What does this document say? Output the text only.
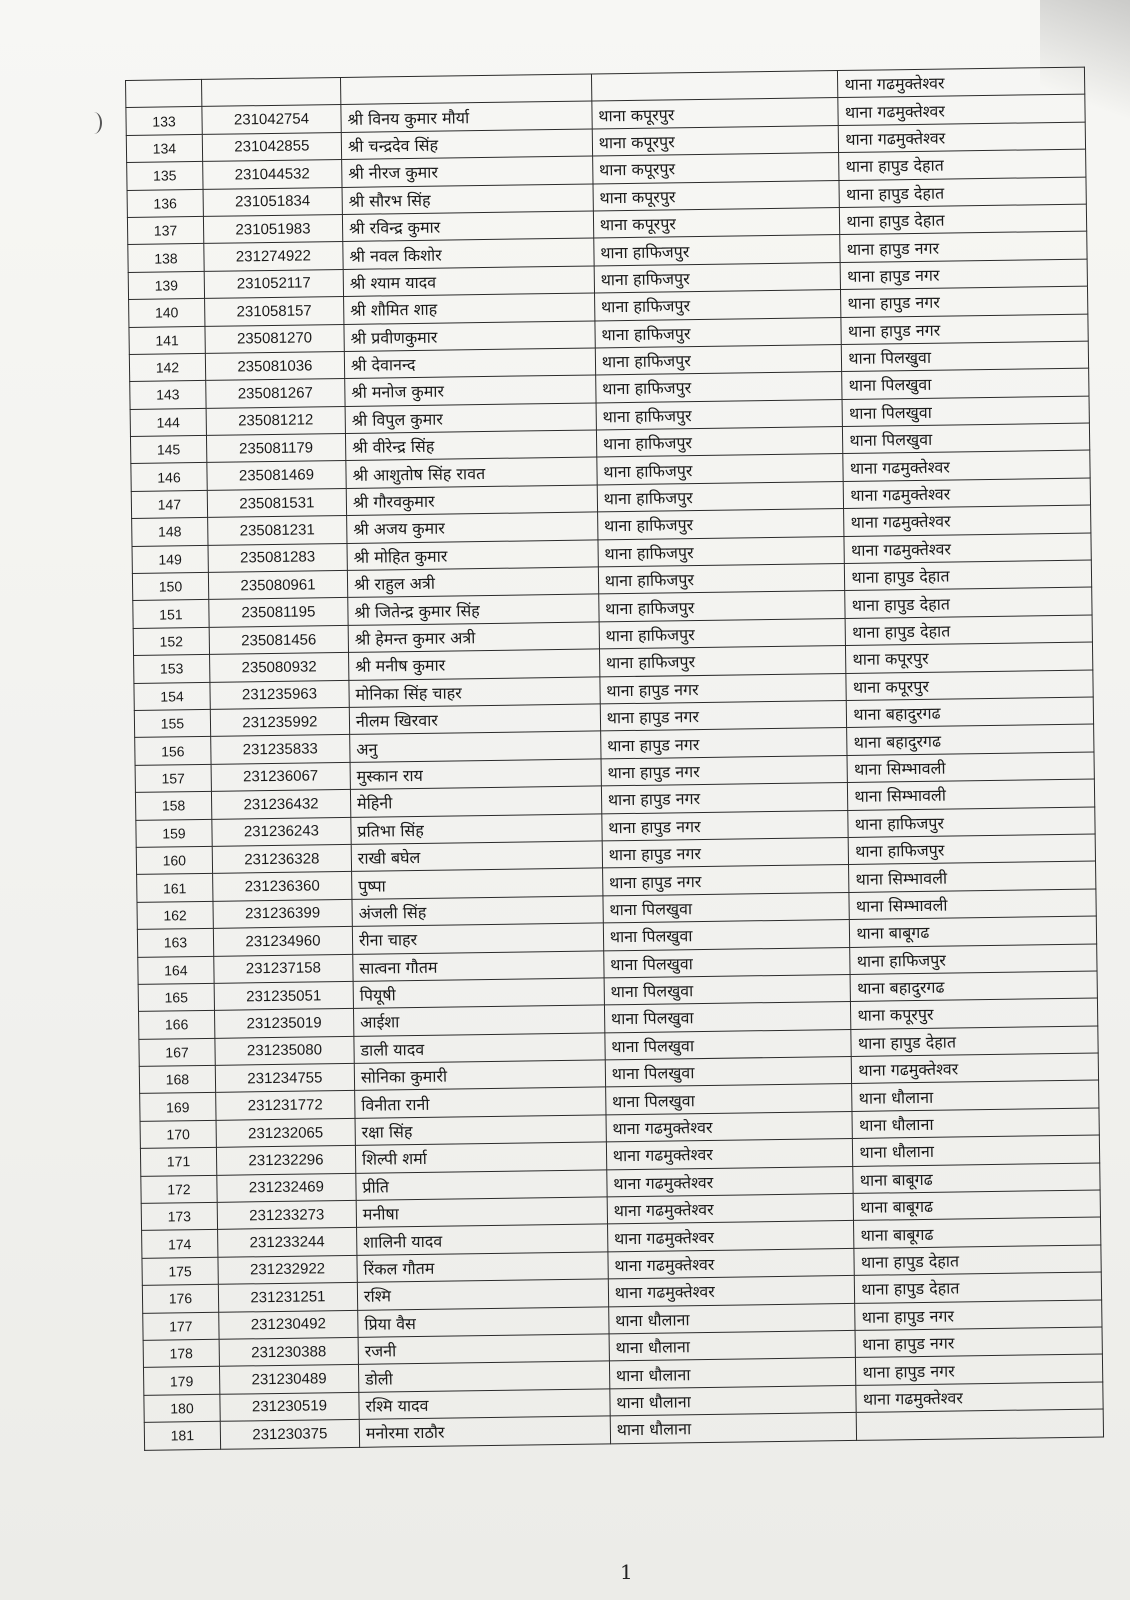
				थाना गढमुक्तेश्वर
133	231042754	श्री विनय कुमार मौर्या	थाना कपूरपुर	थाना गढमुक्तेश्वर
134	231042855	श्री चन्द्रदेव सिंह	थाना कपूरपुर	थाना गढमुक्तेश्वर
135	231044532	श्री नीरज कुमार	थाना कपूरपुर	थाना हापुड देहात
136	231051834	श्री सौरभ सिंह	थाना कपूरपुर	थाना हापुड देहात
137	231051983	श्री रविन्द्र कुमार	थाना कपूरपुर	थाना हापुड देहात
138	231274922	श्री नवल किशोर	थाना हाफिजपुर	थाना हापुड नगर
139	231052117	श्री श्याम यादव	थाना हाफिजपुर	थाना हापुड नगर
140	231058157	श्री शौमित शाह	थाना हाफिजपुर	थाना हापुड नगर
141	235081270	श्री प्रवीणकुमार	थाना हाफिजपुर	थाना हापुड नगर
142	235081036	श्री देवानन्द	थाना हाफिजपुर	थाना पिलखुवा
143	235081267	श्री मनोज कुमार	थाना हाफिजपुर	थाना पिलखुवा
144	235081212	श्री विपुल कुमार	थाना हाफिजपुर	थाना पिलखुवा
145	235081179	श्री वीरेन्द्र सिंह	थाना हाफिजपुर	थाना पिलखुवा
146	235081469	श्री आशुतोष सिंह रावत	थाना हाफिजपुर	थाना गढमुक्तेश्वर
147	235081531	श्री गौरवकुमार	थाना हाफिजपुर	थाना गढमुक्तेश्वर
148	235081231	श्री अजय कुमार	थाना हाफिजपुर	थाना गढमुक्तेश्वर
149	235081283	श्री मोहित कुमार	थाना हाफिजपुर	थाना गढमुक्तेश्वर
150	235080961	श्री राहुल अत्री	थाना हाफिजपुर	थाना हापुड देहात
151	235081195	श्री जितेन्द्र कुमार सिंह	थाना हाफिजपुर	थाना हापुड देहात
152	235081456	श्री हेमन्त कुमार अत्री	थाना हाफिजपुर	थाना हापुड देहात
153	235080932	श्री मनीष कुमार	थाना हाफिजपुर	थाना कपूरपुर
154	231235963	मोनिका सिंह चाहर	थाना हापुड नगर	थाना कपूरपुर
155	231235992	नीलम खिरवार	थाना हापुड नगर	थाना बहादुरगढ
156	231235833	अनु	थाना हापुड नगर	थाना बहादुरगढ
157	231236067	मुस्कान राय	थाना हापुड नगर	थाना सिम्भावली
158	231236432	मेहिनी	थाना हापुड नगर	थाना सिम्भावली
159	231236243	प्रतिभा सिंह	थाना हापुड नगर	थाना हाफिजपुर
160	231236328	राखी बघेल	थाना हापुड नगर	थाना हाफिजपुर
161	231236360	पुष्पा	थाना हापुड नगर	थाना सिम्भावली
162	231236399	अंजली सिंह	थाना पिलखुवा	थाना सिम्भावली
163	231234960	रीना चाहर	थाना पिलखुवा	थाना बाबूगढ
164	231237158	सात्वना गौतम	थाना पिलखुवा	थाना हाफिजपुर
165	231235051	पियूषी	थाना पिलखुवा	थाना बहादुरगढ
166	231235019	आईशा	थाना पिलखुवा	थाना कपूरपुर
167	231235080	डाली यादव	थाना पिलखुवा	थाना हापुड देहात
168	231234755	सोनिका कुमारी	थाना पिलखुवा	थाना गढमुक्तेश्वर
169	231231772	विनीता रानी	थाना पिलखुवा	थाना धौलाना
170	231232065	रक्षा सिंह	थाना गढमुक्तेश्वर	थाना धौलाना
171	231232296	शिल्पी शर्मा	थाना गढमुक्तेश्वर	थाना धौलाना
172	231232469	प्रीति	थाना गढमुक्तेश्वर	थाना बाबूगढ
173	231233273	मनीषा	थाना गढमुक्तेश्वर	थाना बाबूगढ
174	231233244	शालिनी यादव	थाना गढमुक्तेश्वर	थाना बाबूगढ
175	231232922	रिंकल गौतम	थाना गढमुक्तेश्वर	थाना हापुड देहात
176	231231251	रश्मि	थाना गढमुक्तेश्वर	थाना हापुड देहात
177	231230492	प्रिया वैस	थाना धौलाना	थाना हापुड नगर
178	231230388	रजनी	थाना धौलाना	थाना हापुड नगर
179	231230489	डोली	थाना धौलाना	थाना हापुड नगर
180	231230519	रश्मि यादव	थाना धौलाना	थाना गढमुक्तेश्वर
181	231230375	मनोरमा राठौर	थाना धौलाना	
1
